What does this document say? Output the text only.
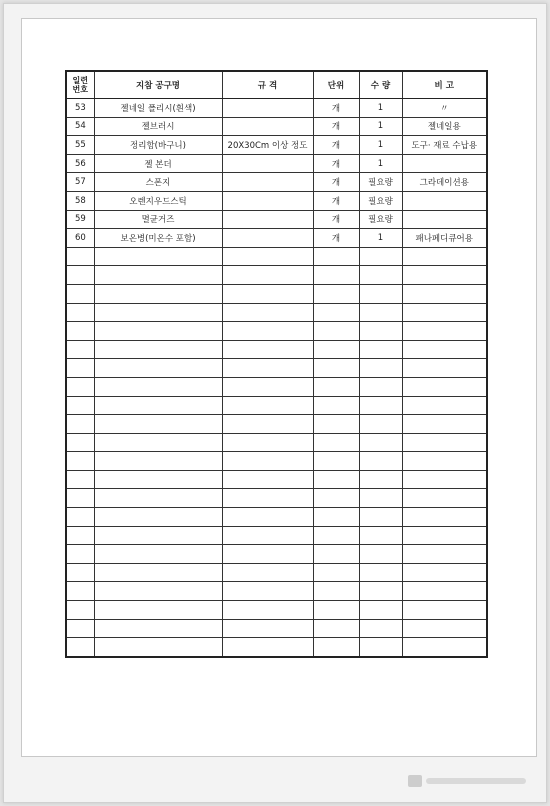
일련
번호	지참 공구명	규 격	단위	수 량	비 고
53	젤네일 폴리시(흰색)		개	1	〃
54	젤브러시		개	1	젤네일용
55	정리함(바구니)	20X30Cm 이상 정도	개	1	도구· 재료 수납용
56	젤 본더		개	1	
57	스폰지		개	필요량	그라데이션용
58	오렌지우드스틱		개	필요량	
59	멸균거즈		개	필요량	
60	보온병(미온수 포함)		개	1	패나페디큐어용
